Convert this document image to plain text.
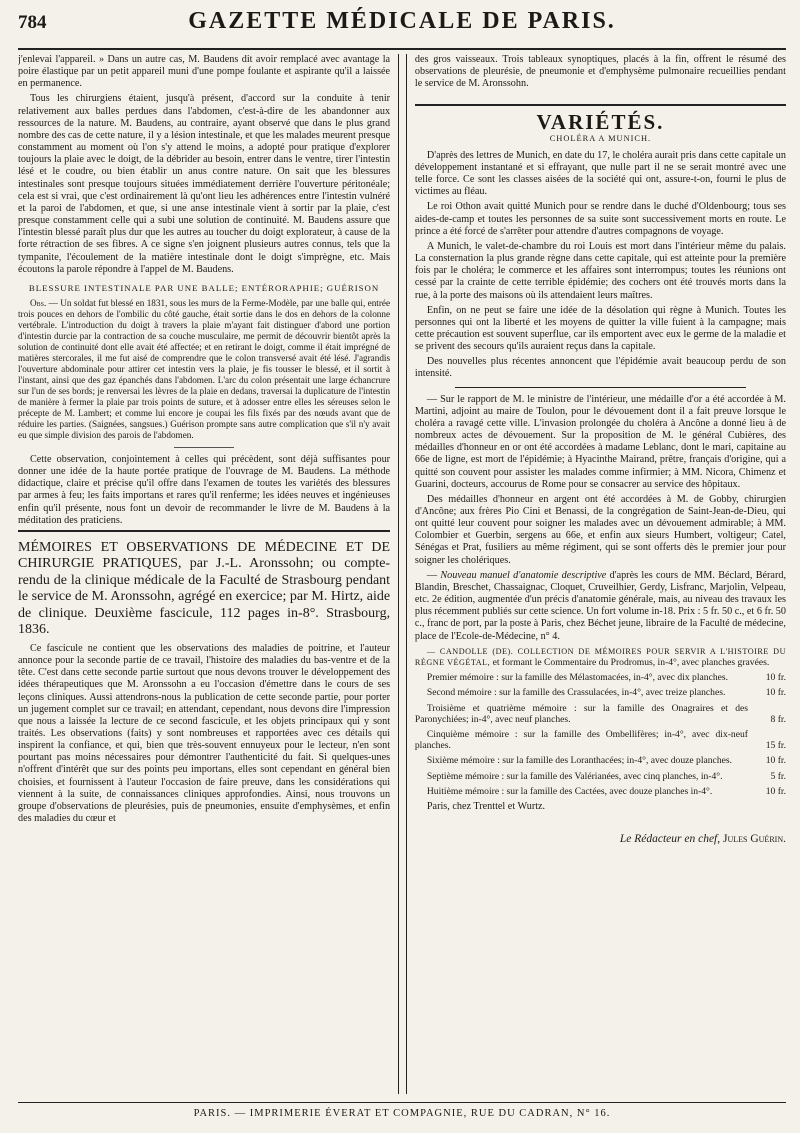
784	GAZETTE MÉDICALE DE PARIS.

j'enlevai l'appareil. » Dans un autre cas, M. Baudens dit avoir remplacé avec avantage la poire élastique par un petit appareil muni d'une pompe foulante et aspirante qu'il a laissée en permanence.

Tous les chirurgiens étaient, jusqu'à présent, d'accord sur la conduite à tenir relativement aux balles perdues dans l'abdomen, c'est-à-dire de les abandonner aux ressources de la nature. M. Baudens, au contraire, ayant observé que dans le plus grand nombre des cas de cette nature, il y a lésion intestinale, et que les malades meurent presque constamment au moment où l'on s'y attend le moins, a adopté pour pratique d'explorer toujours la plaie avec le doigt, de la débrider au besoin, entrer dans le ventre, tirer l'intestin lésé et le coudre, ou bien établir un anus contre nature. On sait que les blessures intestinales sont presque toujours situées immédiatement derrière l'ouverture péritonéale; cela est si vrai, que c'est ordinairement là qu'ont lieu les adhérences entre l'intestin vulnéré et la paroi de l'abdomen, et que, si une anse intestinale vient à sortir par la plaie, c'est presque constamment celle qui a subi une solution de continuité. M. Baudens assure que l'intestin blessé paraît plus dur que les autres au toucher du doigt explorateur, à cause de la forte rétraction de ses fibres. A ce signe s'en joignent plusieurs autres connus, tels que la tympanite, l'écoulement de la matière intestinale dont le doigt s'imprègne, etc. Mais écoutons la parole répondre à l'appel de M. Baudens.

BLESSURE INTESTINALE PAR UNE BALLE; ENTÉRORAPHIE; GUÉRISON

Obs. — Un soldat fut blessé en 1831, sous les murs de la Ferme-Modèle, par une balle qui, entrée trois pouces en dehors de l'ombilic du côté gauche, était sortie dans le dos en dehors de la colonne vertébrale. L'introduction du doigt à travers la plaie m'ayant fait distinguer d'abord une portion d'intestin durcie par la contraction de sa couche musculaire, me permit de découvrir bientôt après la solution de continuité dont elle avait été affectée; et en retirant le doigt, comme il était imprégné de matières stercorales, il me fut aisé de comprendre que le colon transversé avait été lésé. J'agrandis l'ouverture abdominale pour attirer cet intestin vers la plaie, je fis tousser le blessé, et il sortit à l'instant, ainsi que des gaz épanchés dans l'abdomen. L'arc du colon présentait une large échancrure sur l'un de ses bords; je renversai les lèvres de la plaie en dedans, traversai la duplicature de l'intestin de manière à fermer la plaie par trois points de suture, et à adosser entre elles les séreuses selon le précepte de M. Lambert; et comme lui encore je coupai les fils fixés par des nœuds avant que de réduire les parties. (Saignées, sangsues.) Guérison prompte sans autre complication que s'il n'y avait eu que simple division des parois de l'abdomen.

Cette observation, conjointement à celles qui précèdent, sont déjà suffisantes pour donner une idée de la haute portée pratique de l'ouvrage de M. Baudens. La méthode didactique, claire et précise qu'il offre dans l'examen de toutes les variétés des blessures par armes à feu; les faits importans et rares qu'il renferme; les idées neuves et ingénieuses enfin qu'il présente, nous font un devoir de recommander le livre de M. Baudens à la méditation des praticiens.

MÉMOIRES ET OBSERVATIONS DE MÉDECINE ET DE CHIRURGIE PRATIQUES, par J.-L. Aronssohn; ou compte-rendu de la clinique médicale de la Faculté de Strasbourg pendant le service de M. Aronssohn, agrégé en exercice; par M. Hirtz, aide de clinique. Deuxième fascicule, 112 pages in-8°. Strasbourg, 1836.

Ce fascicule ne contient que les observations des maladies de poitrine, et l'auteur annonce pour la seconde partie de ce travail, l'histoire des maladies du bas-ventre et de la tête. C'est dans cette seconde partie surtout que nous devons trouver le développement des idées thérapeutiques que M. Aronssohn a eu l'occasion d'émettre dans le cours de ses leçons cliniques. Aussi attendrons-nous la publication de cette seconde partie, pour porter un jugement complet sur ce travail; en attendant, cependant, nous devons dire l'impression que nous a laissée la lecture de ce second fascicule, et les objets principaux qui y sont traités. Les observations (faits) y sont nombreuses et rapportées avec ces détails qui inspirent la confiance, et qui, bien que très-souvent ennuyeux pour le lecteur, n'en sont pourtant pas moins nécessaires pour démontrer l'authenticité du fait. Si quelques-unes n'offrent d'intérêt que sur des points peu importans, elles sont cependant en général bien choisies, et fournissent à l'auteur l'occasion de faire preuve, dans les considérations qui viennent à la suite, de connaissances cliniques approfondies. Ainsi, nous trouvons un groupe d'observations de pleurésies, puis de pneumonies, ensuite d'emphysèmes, et enfin des maladies du cœur et

des gros vaisseaux. Trois tableaux synoptiques, placés à la fin, offrent le résumé des observations de pleurésie, de pneumonie et d'emphysème pulmonaire recueillies pendant le service de M. Aronssohn.

VARIÉTÉS.
CHOLÉRA A MUNICH.

D'après des lettres de Munich, en date du 17, le choléra aurait pris dans cette capitale un développement instantané et si effrayant, que nulle part il ne se serait montré avec une telle force. Ce sont les classes aisées de la société qui ont, assure-t-on, fourni le plus de victimes au fléau.

Le roi Othon avait quitté Munich pour se rendre dans le duché d'Oldenbourg; tous ses aides-de-camp et toutes les personnes de sa suite sont successivement morts en route. Le prince a été forcé de s'arrêter pour attendre d'autres compagnons de voyage.

A Munich, le valet-de-chambre du roi Louis est mort dans l'intérieur même du palais. La consternation la plus grande règne dans cette capitale, qui est atteinte pour la première fois par le choléra; le commerce et les affaires sont interrompus; toutes les réunions ont cessé par la crainte de cette terrible épidémie; des cochers ont été trouvés morts dans la rue, à la porte des maisons où ils attendaient leurs maîtres.

Enfin, on ne peut se faire une idée de la désolation qui règne à Munich. Toutes les personnes qui ont la liberté et les moyens de quitter la ville fuient à la campagne; mais cette précaution est souvent superflue, car ils emportent avec eux le germe de la maladie et se privent des secours qu'ils auraient reçus dans la capitale.

Des nouvelles plus récentes annoncent que l'épidémie avait beaucoup perdu de son intensité.

— Sur le rapport de M. le ministre de l'intérieur, une médaille d'or a été accordée à M. Martini, adjoint au maire de Toulon, pour le dévouement dont il a fait preuve lorsque le choléra a ravagé cette ville. L'invasion prolongée du choléra à Ancône a donné lieu à de nombreux actes de dévouement. Sur la proposition de M. le général Cubières, des médailles d'honneur en or ont été accordées à madame Leblanc, dont le mari, capitaine au 66e de ligne, est mort de l'épidémie; à Hyacinthe Mairand, prêtre, français d'origine, qui a quitté son couvent pour assister les malades comme infirmier; à MM. Nicora, Chimenz et Guarini, docteurs, accourus de Rome pour se consacrer au service des hôpitaux.

Des médailles d'honneur en argent ont été accordées à M. de Gobby, chirurgien d'Ancône; aux frères Pio Cini et Benassi, de la congrégation de Saint-Jean-de-Dieu, qui ont quitté leur couvent pour soigner les malades avec un dévouement admirable; à MM. Colombier et Guerbin, sergens au 66e, et enfin aux sieurs Humbert, voltigeur; Catel, Sénégas et Prat, fusiliers au même régiment, qui se sont offerts dès le premier jour pour soigner les cholériques.

— Nouveau manuel d'anatomie descriptive d'après les cours de MM. Béclard, Bérard, Blandin, Breschet, Chassaignac, Cloquet, Cruveilhier, Gerdy, Lisfranc, Marjolin, Velpeau, etc. 2e édition, augmentée d'un précis d'anatomie générale, mais, au niveau des travaux les plus récemment publiés sur cette science. Un fort volume in-18. Prix : 5 fr. 50 c., et 6 fr. 50 c., franc de port, par la poste à Paris, chez Béchet jeune, libraire de la Faculté de médecine, place de l'Ecole-de-Médecine, n° 4.

— CANDOLLE (DE). COLLECTION DE MÉMOIRES POUR SERVIR A L'HISTOIRE DU RÈGNE VÉGÉTAL, et formant le Commentaire du Prodromus, in-4°, avec planches gravées.

Premier mémoire : sur la famille des Mélastomacées, in-4°, avec dix planches.	10 fr.
Second mémoire : sur la famille des Crassulacées, in-4°, avec treize planches.	10 fr.
Troisième et quatrième mémoire : sur la famille des Onagraires et des Paronychiées; in-4°, avec neuf planches.	8 fr.
Cinquième mémoire : sur la famille des Ombellifères; in-4°, avec dix-neuf planches.	15 fr.
Sixième mémoire : sur la famille des Loranthacées; in-4°, avec douze planches.	10 fr.
Septième mémoire : sur la famille des Valérianées, avec cinq planches, in-4°.	5 fr.
Huitième mémoire : sur la famille des Cactées, avec douze planches in-4°.	10 fr.

Paris, chez Trenttel et Wurtz.

Le Rédacteur en chef, Jules Guérin.
PARIS. — IMPRIMERIE ÉVERAT ET COMPAGNIE, RUE DU CADRAN, N° 16.
